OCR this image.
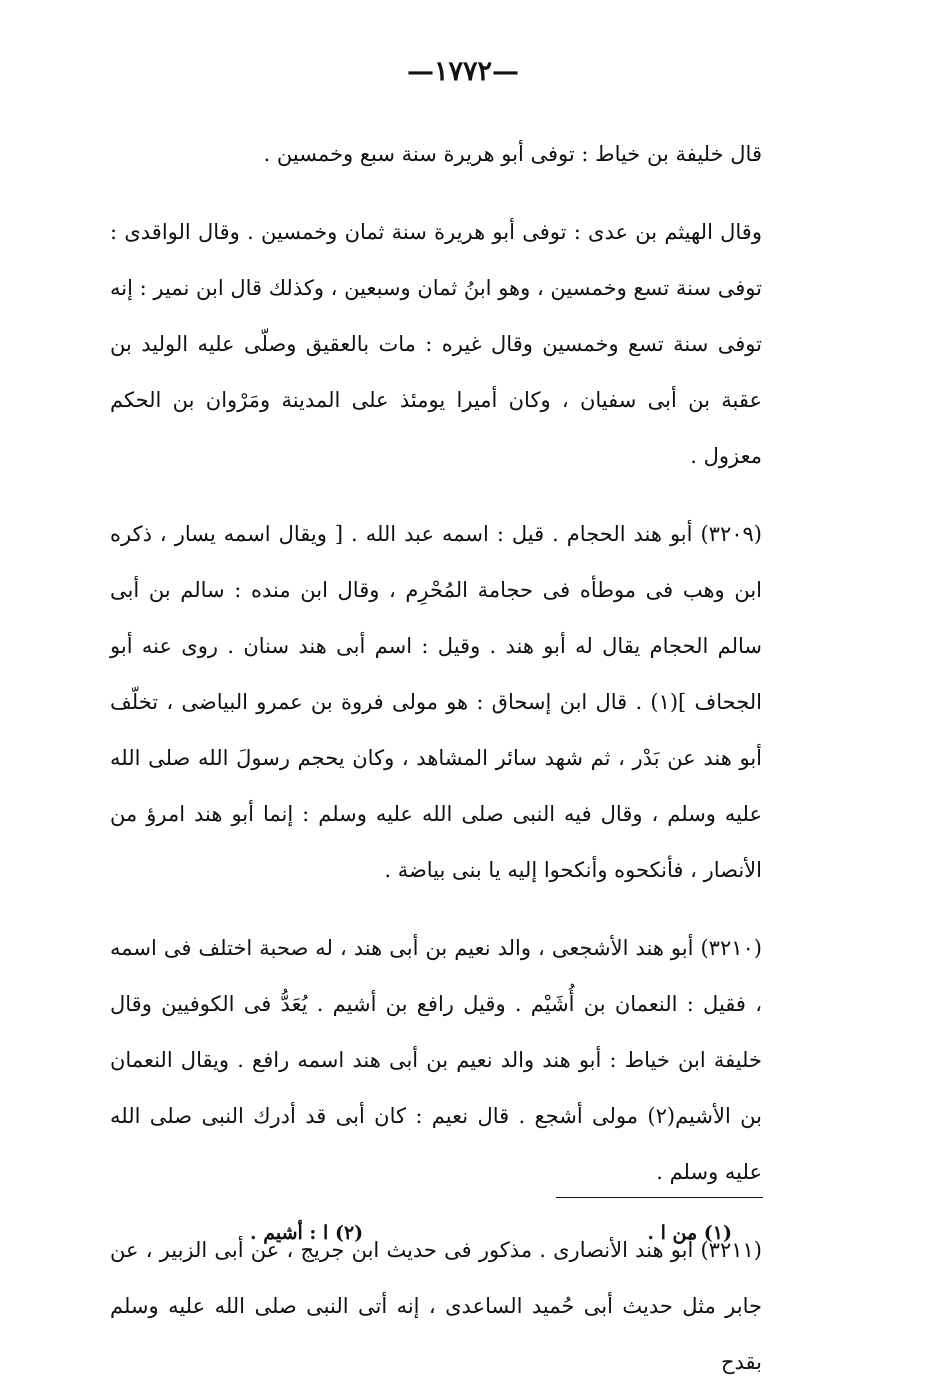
—۱۷۷۲—

قال خليفة بن خياط : توفى أبو هريرة سنة سبع وخمسين .

وقال الهيثم بن عدى : توفى أبو هريرة سنة ثمان وخمسين . وقال الواقدى : توفى سنة تسع وخمسين ، وهو ابنُ ثمان وسبعين ، وكذلك قال ابن نمير : إنه توفى سنة تسع وخمسين وقال غيره : مات بالعقيق وصلّى عليه الوليد بن عقبة بن أبى سفيان ، وكان أميرا يومئذ على المدينة ومَرْوان بن الحكم معزول .

(۳۲۰۹) أبو هند الحجام . قيل : اسمه عبد الله . [ ويقال اسمه يسار ، ذكره ابن وهب فى موطأه فى حجامة المُحْرِم ، وقال ابن منده : سالم بن أبى سالم الحجام يقال له أبو هند . وقيل : اسم أبى هند سنان . روى عنه أبو الجحاف ](۱) . قال ابن إسحاق : هو مولى فروة بن عمرو البياضى ، تخلّف أبو هند عن بَدْر ، ثم شهد سائر المشاهد ، وكان يحجم رسولَ الله صلى الله عليه وسلم ، وقال فيه النبى صلى الله عليه وسلم : إنما أبو هند امرؤ من الأنصار ، فأنكحوه وأنكحوا إليه يا بنى بياضة .

(۳۲۱۰) أبو هند الأشجعى ، والد نعيم بن أبى هند ، له صحبة اختلف فى اسمه ، فقيل : النعمان بن أُشَيْم . وقيل رافع بن أشيم . يُعَدُّ فى الكوفيين وقال خليفة ابن خياط : أبو هند والد نعيم بن أبى هند اسمه رافع . ويقال النعمان بن الأشيم(۲) مولى أشجع . قال نعيم : كان أبى قد أدرك النبى صلى الله عليه وسلم .

(۳۲۱۱) أبو هند الأنصارى . مذكور فى حديث ابن جريج ، عن أبى الزبير ، عن جابر مثل حديث أبى حُميد الساعدى ، إنه أتى النبى صلى الله عليه وسلم بقدح

(۱) من ا .
(۲) ا : أشيم .
